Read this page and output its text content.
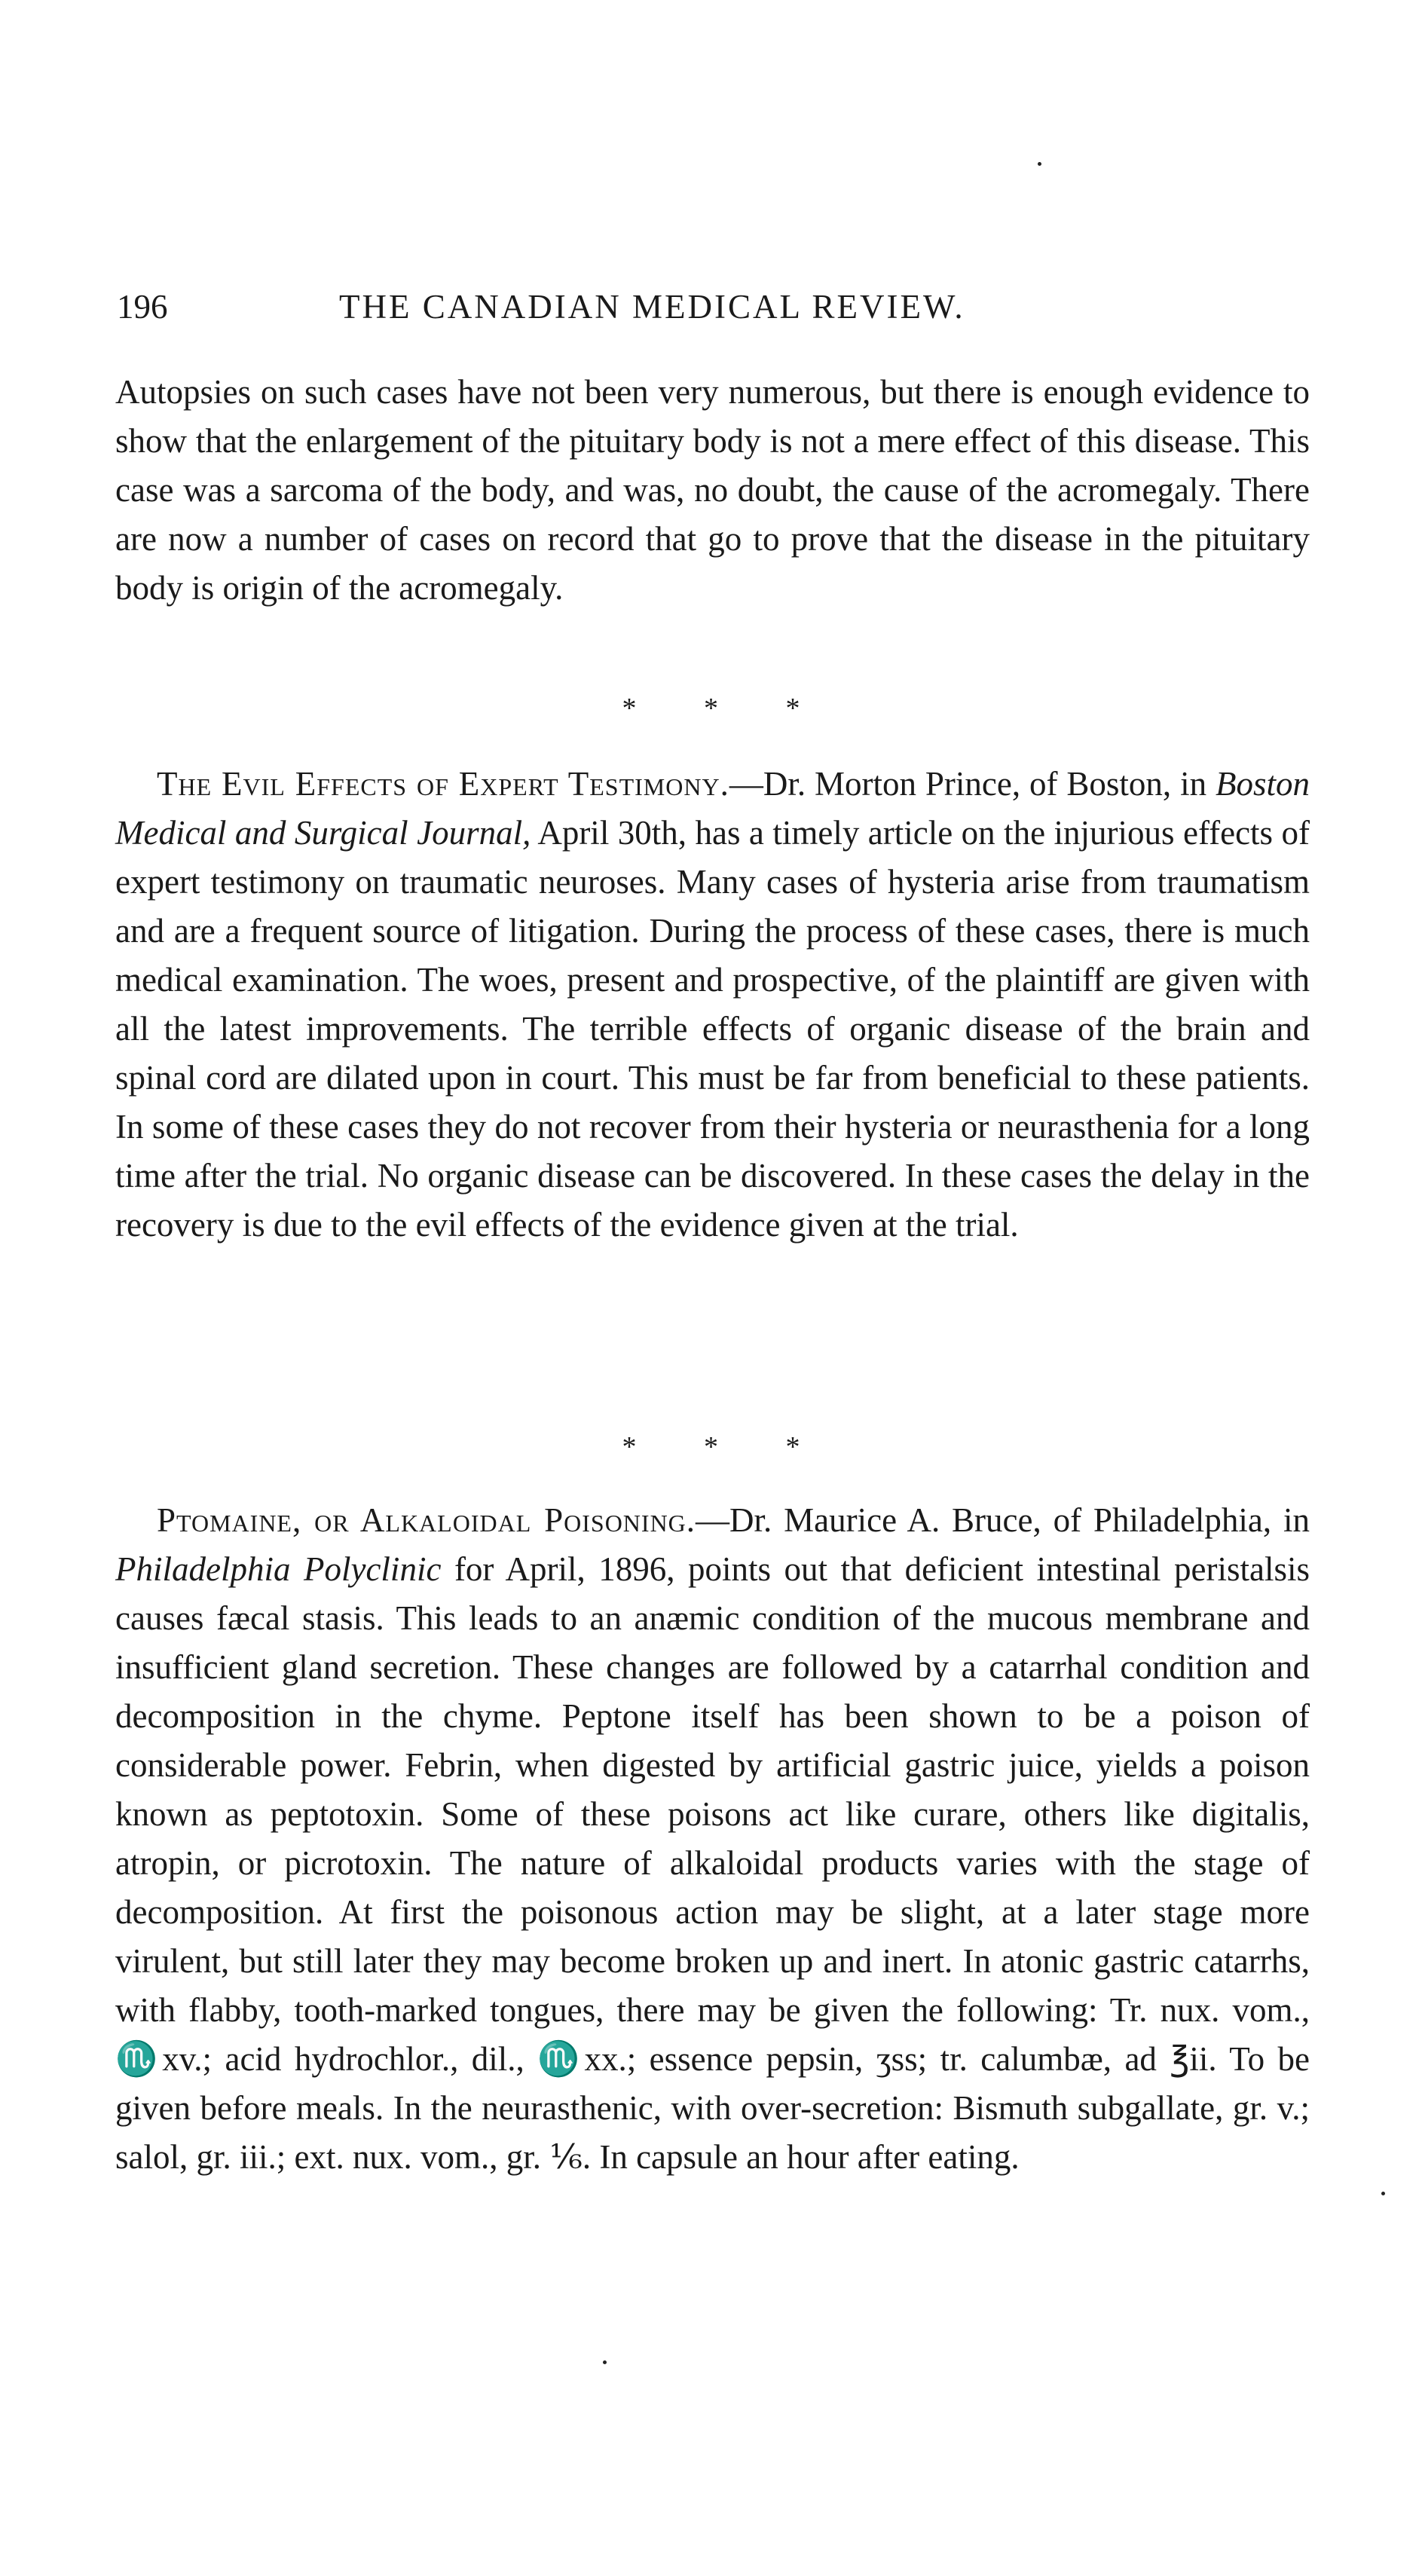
196	THE CANADIAN MEDICAL REVIEW.

Autopsies on such cases have not been very numerous, but there is enough evidence to show that the enlargement of the pituitary body is not a mere effect of this disease. This case was a sarcoma of the body, and was, no doubt, the cause of the acromegaly. There are now a number of cases on record that go to prove that the disease in the pituitary body is origin of the acromegaly.

* * *

The Evil Effects of Expert Testimony.—Dr. Morton Prince, of Boston, in Boston Medical and Surgical Journal, April 30th, has a timely article on the injurious effects of expert testimony on traumatic neuroses. Many cases of hysteria arise from traumatism and are a frequent source of litigation. During the process of these cases, there is much medical examination. The woes, present and prospective, of the plaintiff are given with all the latest improvements. The terrible effects of organic disease of the brain and spinal cord are dilated upon in court. This must be far from beneficial to these patients. In some of these cases they do not recover from their hysteria or neurasthenia for a long time after the trial. No organic disease can be discovered. In these cases the delay in the recovery is due to the evil effects of the evidence given at the trial.

* * *

Ptomaine, or Alkaloidal Poisoning.—Dr. Maurice A. Bruce, of Philadelphia, in Philadelphia Polyclinic for April, 1896, points out that deficient intestinal peristalsis causes fæcal stasis. This leads to an anæmic condition of the mucous membrane and insufficient gland secretion. These changes are followed by a catarrhal condition and decomposition in the chyme. Peptone itself has been shown to be a poison of considerable power. Febrin, when digested by artificial gastric juice, yields a poison known as peptotoxin. Some of these poisons act like curare, others like digitalis, atropin, or picrotoxin. The nature of alkaloidal products varies with the stage of decomposition. At first the poisonous action may be slight, at a later stage more virulent, but still later they may become broken up and inert. In atonic gastric catarrhs, with flabby, tooth-marked tongues, there may be given the following: Tr. nux. vom., ♏xv.; acid hydrochlor., dil., ♏xx.; essence pepsin, ʒss; tr. calumbæ, ad ℥ii. To be given before meals. In the neurasthenic, with over-secretion: Bismuth subgallate, gr. v.; salol, gr. iii.; ext. nux. vom., gr. ⅙. In capsule an hour after eating.
